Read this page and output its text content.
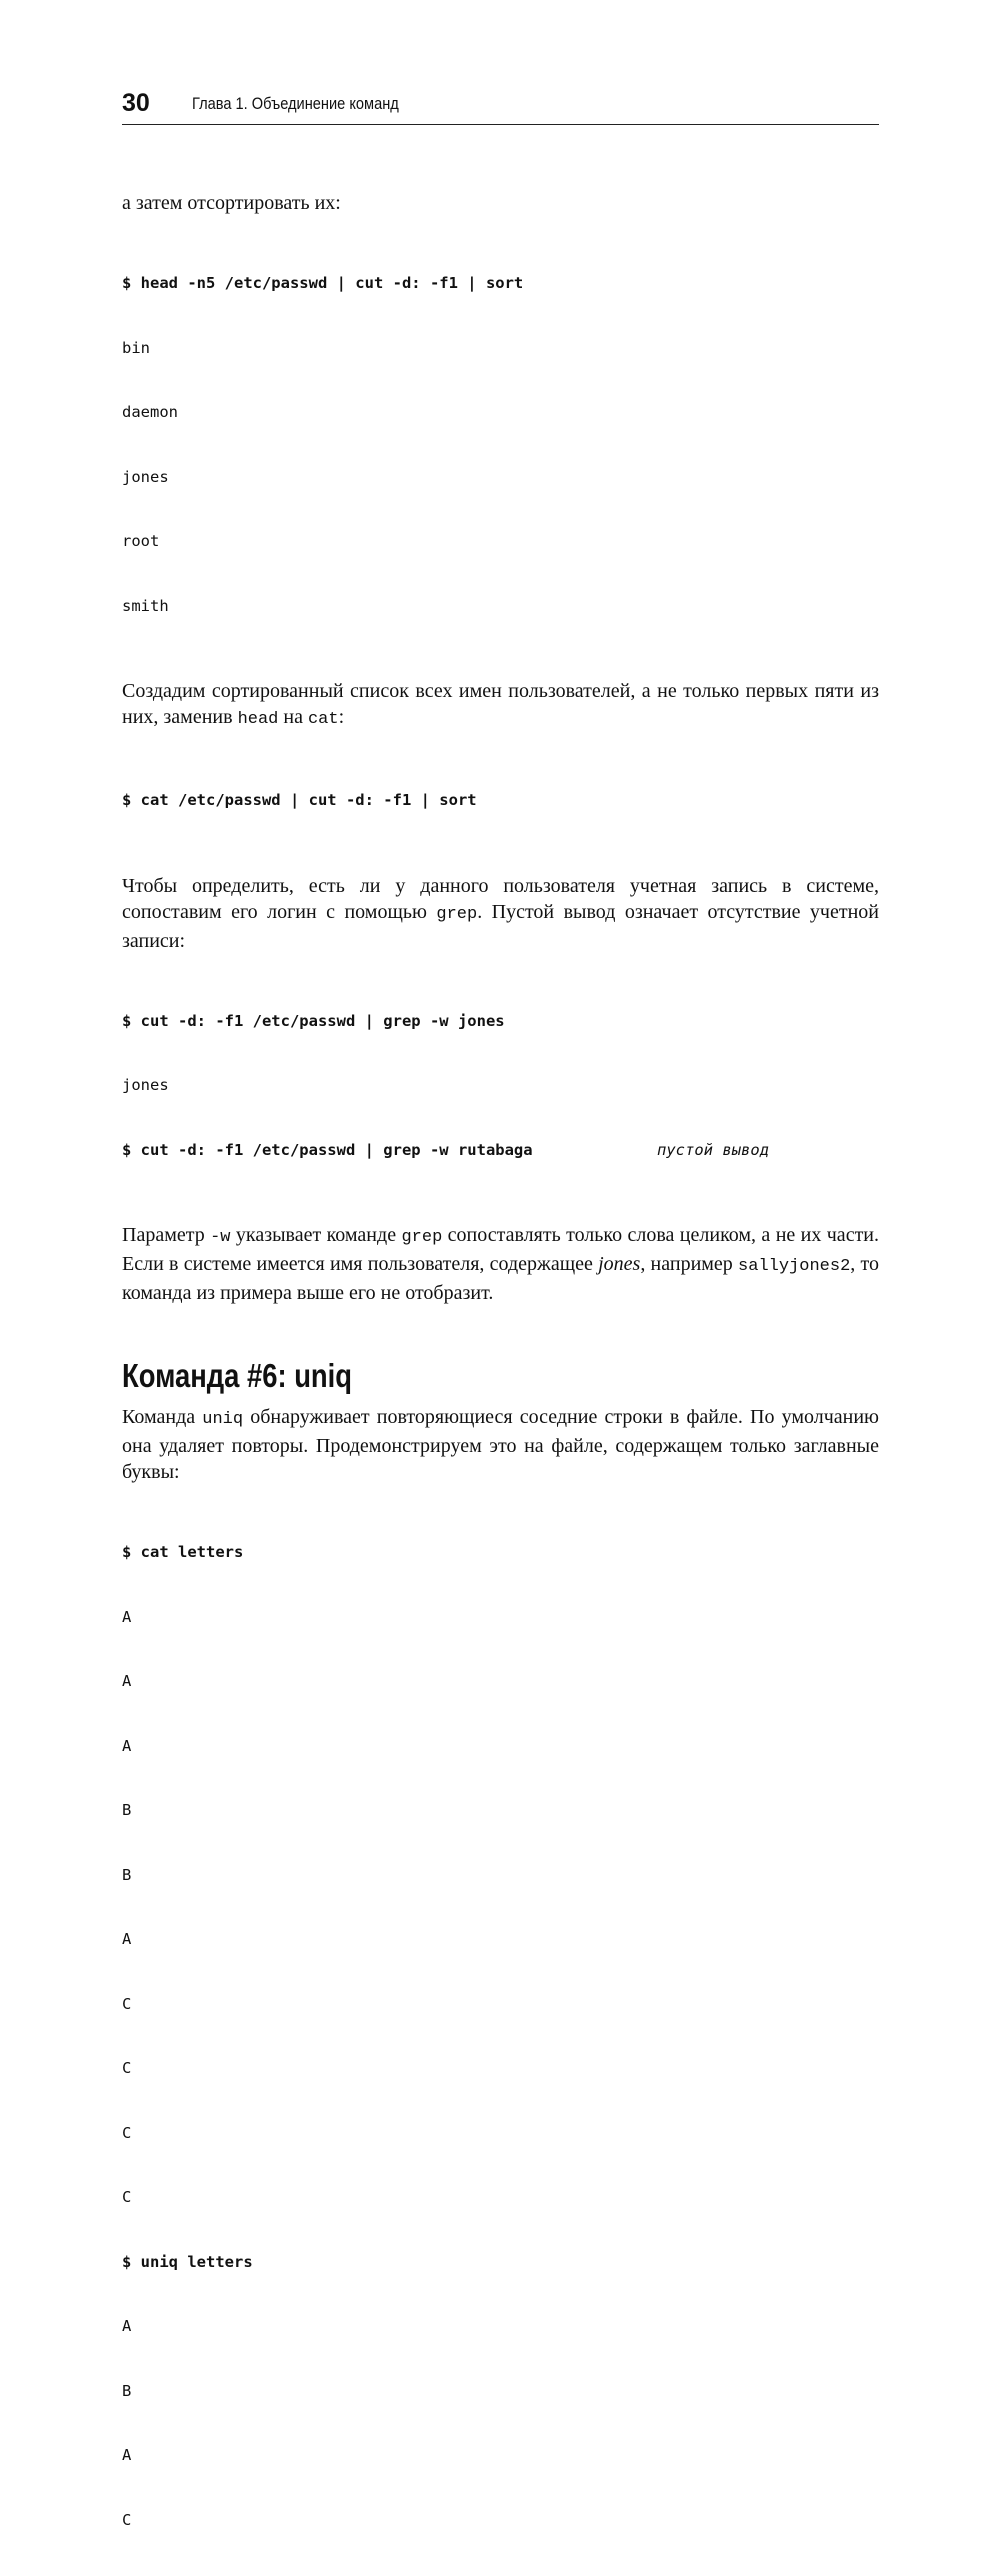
30 Глава 1. Объединение команд

а затем отсортировать их:

$ head -n5 /etc/passwd | cut -d: -f1 | sort

bin

daemon

jones

root

smith

Создадим сортированный список всех имен пользователей, а не только первых пяти из них, заменив head на cat:

$ cat /etc/passwd | cut -d: -f1 | sort

Чтобы определить, есть ли у данного пользователя учетная запись в системе, сопоставим его логин с помощью grep. Пустой вывод означает отсутствие учетной записи:

$ cut -d: -f1 /etc/passwd | grep -w jones

jones

$ cut -d: -f1 /etc/passwd | grep -w rutabaga	пустой вывод

Параметр -w указывает команде grep сопоставлять только слова целиком, а не их части. Если в системе имеется имя пользователя, содержащее jones, например sallyjones2, то команда из примера выше его не отобразит.

Команда #6: uniq

Команда uniq обнаруживает повторяющиеся соседние строки в файле. По умолчанию она удаляет повторы. Продемонстрируем это на файле, содержащем только заглавные буквы:

$ cat letters

A

A

A

B

B

A

C

C

C

C

$ uniq letters

A

B

A

C
